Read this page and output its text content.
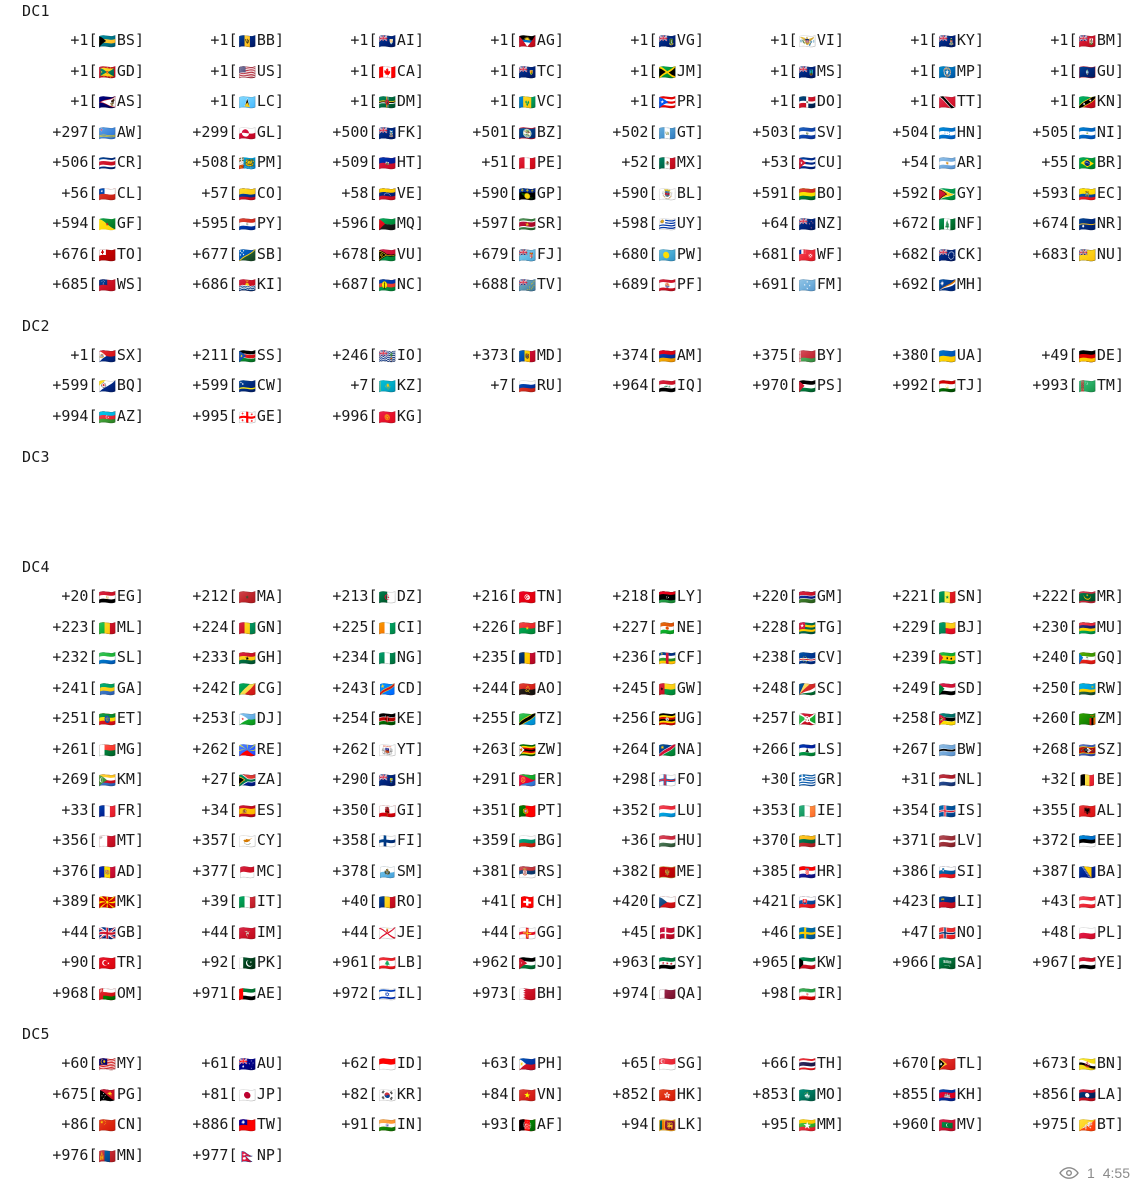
DC1
+1[🇧🇸BS]	+1[🇧🇧BB]	+1[🇦🇮AI]	+1[🇦🇬AG]	+1[🇻🇬VG]	+1[🇻🇮VI]	+1[🇰🇾KY]	+1[🇧🇲BM]
+1[🇬🇩GD]	+1[🇺🇸US]	+1[🇨🇦CA]	+1[🇹🇨TC]	+1[🇯🇲JM]	+1[🇲🇸MS]	+1[🇲🇵MP]	+1[🇬🇺GU]
+1[🇦🇸AS]	+1[🇱🇨LC]	+1[🇩🇲DM]	+1[🇻🇨VC]	+1[🇵🇷PR]	+1[🇩🇴DO]	+1[🇹🇹TT]	+1[🇰🇳KN]
+297[🇦🇼AW]	+299[🇬🇱GL]	+500[🇫🇰FK]	+501[🇧🇿BZ]	+502[🇬🇹GT]	+503[🇸🇻SV]	+504[🇭🇳HN]	+505[🇳🇮NI]
+506[🇨🇷CR]	+508[🇵🇲PM]	+509[🇭🇹HT]	+51[🇵🇪PE]	+52[🇲🇽MX]	+53[🇨🇺CU]	+54[🇦🇷AR]	+55[🇧🇷BR]
+56[🇨🇱CL]	+57[🇨🇴CO]	+58[🇻🇪VE]	+590[🇬🇵GP]	+590[🇧🇱BL]	+591[🇧🇴BO]	+592[🇬🇾GY]	+593[🇪🇨EC]
+594[🇬🇫GF]	+595[🇵🇾PY]	+596[🇲🇶MQ]	+597[🇸🇷SR]	+598[🇺🇾UY]	+64[🇳🇿NZ]	+672[🇳🇫NF]	+674[🇳🇷NR]
+676[🇹🇴TO]	+677[🇸🇧SB]	+678[🇻🇺VU]	+679[🇫🇯FJ]	+680[🇵🇼PW]	+681[🇼🇫WF]	+682[🇨🇰CK]	+683[🇳🇺NU]
+685[🇼🇸WS]	+686[🇰🇮KI]	+687[🇳🇨NC]	+688[🇹🇻TV]	+689[🇵🇫PF]	+691[🇫🇲FM]	+692[🇲🇭MH]
DC2
+1[🇸🇽SX]	+211[🇸🇸SS]	+246[🇮🇴IO]	+373[🇲🇩MD]	+374[🇦🇲AM]	+375[🇧🇾BY]	+380[🇺🇦UA]	+49[🇩🇪DE]
+599[🇧🇶BQ]	+599[🇨🇼CW]	+7[🇰🇿KZ]	+7[🇷🇺RU]	+964[🇮🇶IQ]	+970[🇵🇸PS]	+992[🇹🇯TJ]	+993[🇹🇲TM]
+994[🇦🇿AZ]	+995[🇬🇪GE]	+996[🇰🇬KG]
DC3
DC4
+20[🇪🇬EG]	+212[🇲🇦MA]	+213[🇩🇿DZ]	+216[🇹🇳TN]	+218[🇱🇾LY]	+220[🇬🇲GM]	+221[🇸🇳SN]	+222[🇲🇷MR]
+223[🇲🇱ML]	+224[🇬🇳GN]	+225[🇨🇮CI]	+226[🇧🇫BF]	+227[🇳🇪NE]	+228[🇹🇬TG]	+229[🇧🇯BJ]	+230[🇲🇺MU]
+232[🇸🇱SL]	+233[🇬🇭GH]	+234[🇳🇬NG]	+235[🇹🇩TD]	+236[🇨🇫CF]	+238[🇨🇻CV]	+239[🇸🇹ST]	+240[🇬🇶GQ]
+241[🇬🇦GA]	+242[🇨🇬CG]	+243[🇨🇩CD]	+244[🇦🇴AO]	+245[🇬🇼GW]	+248[🇸🇨SC]	+249[🇸🇩SD]	+250[🇷🇼RW]
+251[🇪🇹ET]	+253[🇩🇯DJ]	+254[🇰🇪KE]	+255[🇹🇿TZ]	+256[🇺🇬UG]	+257[🇧🇮BI]	+258[🇲🇿MZ]	+260[🇿🇲ZM]
+261[🇲🇬MG]	+262[🇷🇪RE]	+262[🇾🇹YT]	+263[🇿🇼ZW]	+264[🇳🇦NA]	+266[🇱🇸LS]	+267[🇧🇼BW]	+268[🇸🇿SZ]
+269[🇰🇲KM]	+27[🇿🇦ZA]	+290[🇸🇭SH]	+291[🇪🇷ER]	+298[🇫🇴FO]	+30[🇬🇷GR]	+31[🇳🇱NL]	+32[🇧🇪BE]
+33[🇫🇷FR]	+34[🇪🇸ES]	+350[🇬🇮GI]	+351[🇵🇹PT]	+352[🇱🇺LU]	+353[🇮🇪IE]	+354[🇮🇸IS]	+355[🇦🇱AL]
+356[🇲🇹MT]	+357[🇨🇾CY]	+358[🇫🇮FI]	+359[🇧🇬BG]	+36[🇭🇺HU]	+370[🇱🇹LT]	+371[🇱🇻LV]	+372[🇪🇪EE]
+376[🇦🇩AD]	+377[🇲🇨MC]	+378[🇸🇲SM]	+381[🇷🇸RS]	+382[🇲🇪ME]	+385[🇭🇷HR]	+386[🇸🇮SI]	+387[🇧🇦BA]
+389[🇲🇰MK]	+39[🇮🇹IT]	+40[🇷🇴RO]	+41[🇨🇭CH]	+420[🇨🇿CZ]	+421[🇸🇰SK]	+423[🇱🇮LI]	+43[🇦🇹AT]
+44[🇬🇧GB]	+44[🇮🇲IM]	+44[🇯🇪JE]	+44[🇬🇬GG]	+45[🇩🇰DK]	+46[🇸🇪SE]	+47[🇳🇴NO]	+48[🇵🇱PL]
+90[🇹🇷TR]	+92[🇵🇰PK]	+961[🇱🇧LB]	+962[🇯🇴JO]	+963[🇸🇾SY]	+965[🇰🇼KW]	+966[🇸🇦SA]	+967[🇾🇪YE]
+968[🇴🇲OM]	+971[🇦🇪AE]	+972[🇮🇱IL]	+973[🇧🇭BH]	+974[🇶🇦QA]	+98[🇮🇷IR]
DC5
+60[🇲🇾MY]	+61[🇦🇺AU]	+62[🇮🇩ID]	+63[🇵🇭PH]	+65[🇸🇬SG]	+66[🇹🇭TH]	+670[🇹🇱TL]	+673[🇧🇳BN]
+675[🇵🇬PG]	+81[🇯🇵JP]	+82[🇰🇷KR]	+84[🇻🇳VN]	+852[🇭🇰HK]	+853[🇲🇴MO]	+855[🇰🇭KH]	+856[🇱🇦LA]
+86[🇨🇳CN]	+886[🇹🇼TW]	+91[🇮🇳IN]	+93[🇦🇫AF]	+94[🇱🇰LK]	+95[🇲🇲MM]	+960[🇲🇻MV]	+975[🇧🇹BT]
+976[🇲🇳MN]	+977[🇳🇵NP]
1 4:55
